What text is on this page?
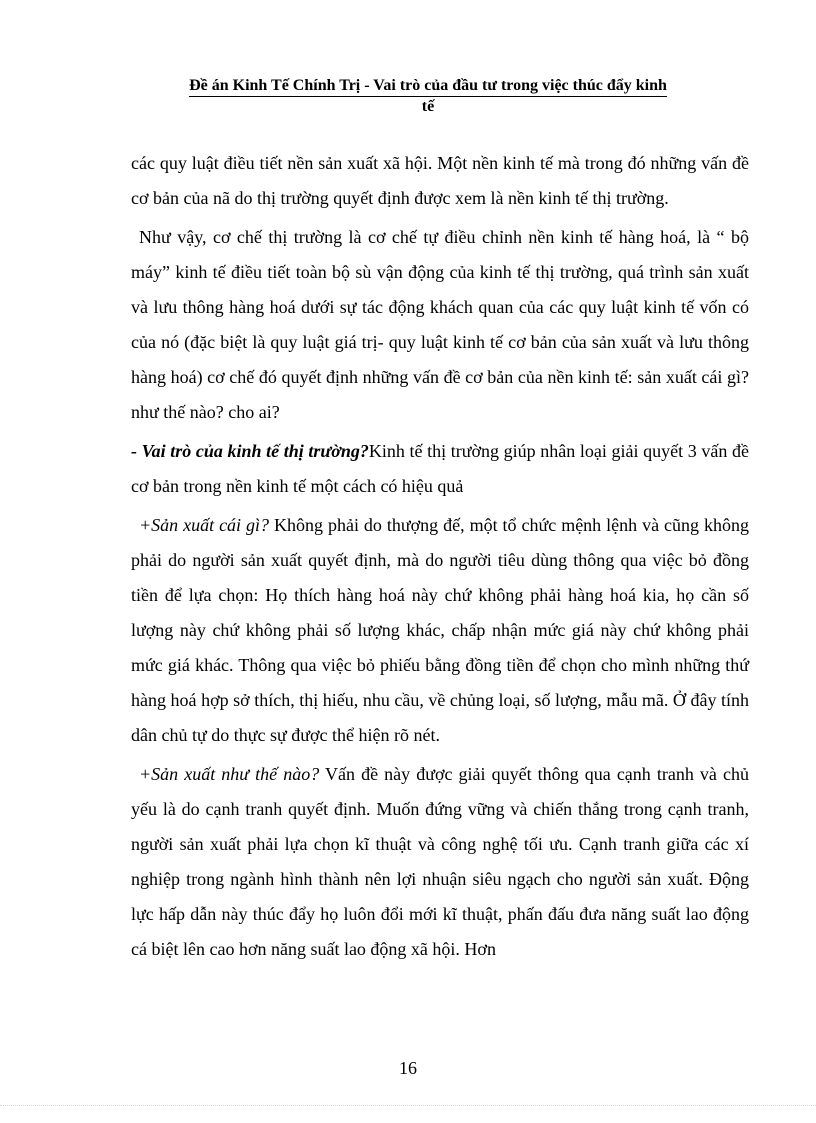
Đề án Kinh Tế Chính Trị - Vai trò của đầu tư trong việc thúc đẩy kinh
tế

các quy luật điều tiết nền sản xuất xã hội. Một nền kinh tế mà trong đó những vấn đề cơ bản của nã do thị trường quyết định được xem là nền kinh tế thị trường.

Như vậy, cơ chế thị trường là cơ chế tự điều chỉnh nền kinh tế hàng hoá, là “ bộ máy” kinh tế điều tiết toàn bộ sù vận động của kinh tế thị trường, quá trình sản xuất và lưu thông hàng hoá dưới sự tác động khách quan của các quy luật kinh tế vốn có của nó (đặc biệt là quy luật giá trị- quy luật kinh tế cơ bản của sản xuất và lưu thông hàng hoá) cơ chế đó quyết định những vấn đề cơ bản của nền kinh tế: sản xuất cái gì? như thế nào? cho ai?

- Vai trò của kinh tế thị trường?Kinh tế thị trường giúp nhân loại giải quyết 3 vấn đề cơ bản trong nền kinh tế một cách có hiệu quả

+Sản xuất cái gì? Không phải do thượng đế, một tổ chức mệnh lệnh và cũng không phải do người sản xuất quyết định, mà do người tiêu dùng thông qua việc bỏ đồng tiền để lựa chọn: Họ thích hàng hoá này chứ không phải hàng hoá kia, họ cần số lượng này chứ không phải số lượng khác, chấp nhận mức giá này chứ không phải mức giá khác. Thông qua việc bỏ phiếu bằng đồng tiền để chọn cho mình những thứ hàng hoá hợp sở thích, thị hiếu, nhu cầu, về chủng loại, số lượng, mẫu mã. Ở đây tính dân chủ tự do thực sự được thể hiện rõ nét.

+Sản xuất như thế nào? Vấn đề này được giải quyết thông qua cạnh tranh và chủ yếu là do cạnh tranh quyết định. Muốn đứng vững và chiến thắng trong cạnh tranh, người sản xuất phải lựa chọn kĩ thuật và công nghệ tối ưu. Cạnh tranh giữa các xí nghiệp trong ngành hình thành nên lợi nhuận siêu ngạch cho người sản xuất. Động lực hấp dẫn này thúc đẩy họ luôn đổi mới kĩ thuật, phấn đấu đưa năng suất lao động cá biệt lên cao hơn năng suất lao động xã hội. Hơn

16
